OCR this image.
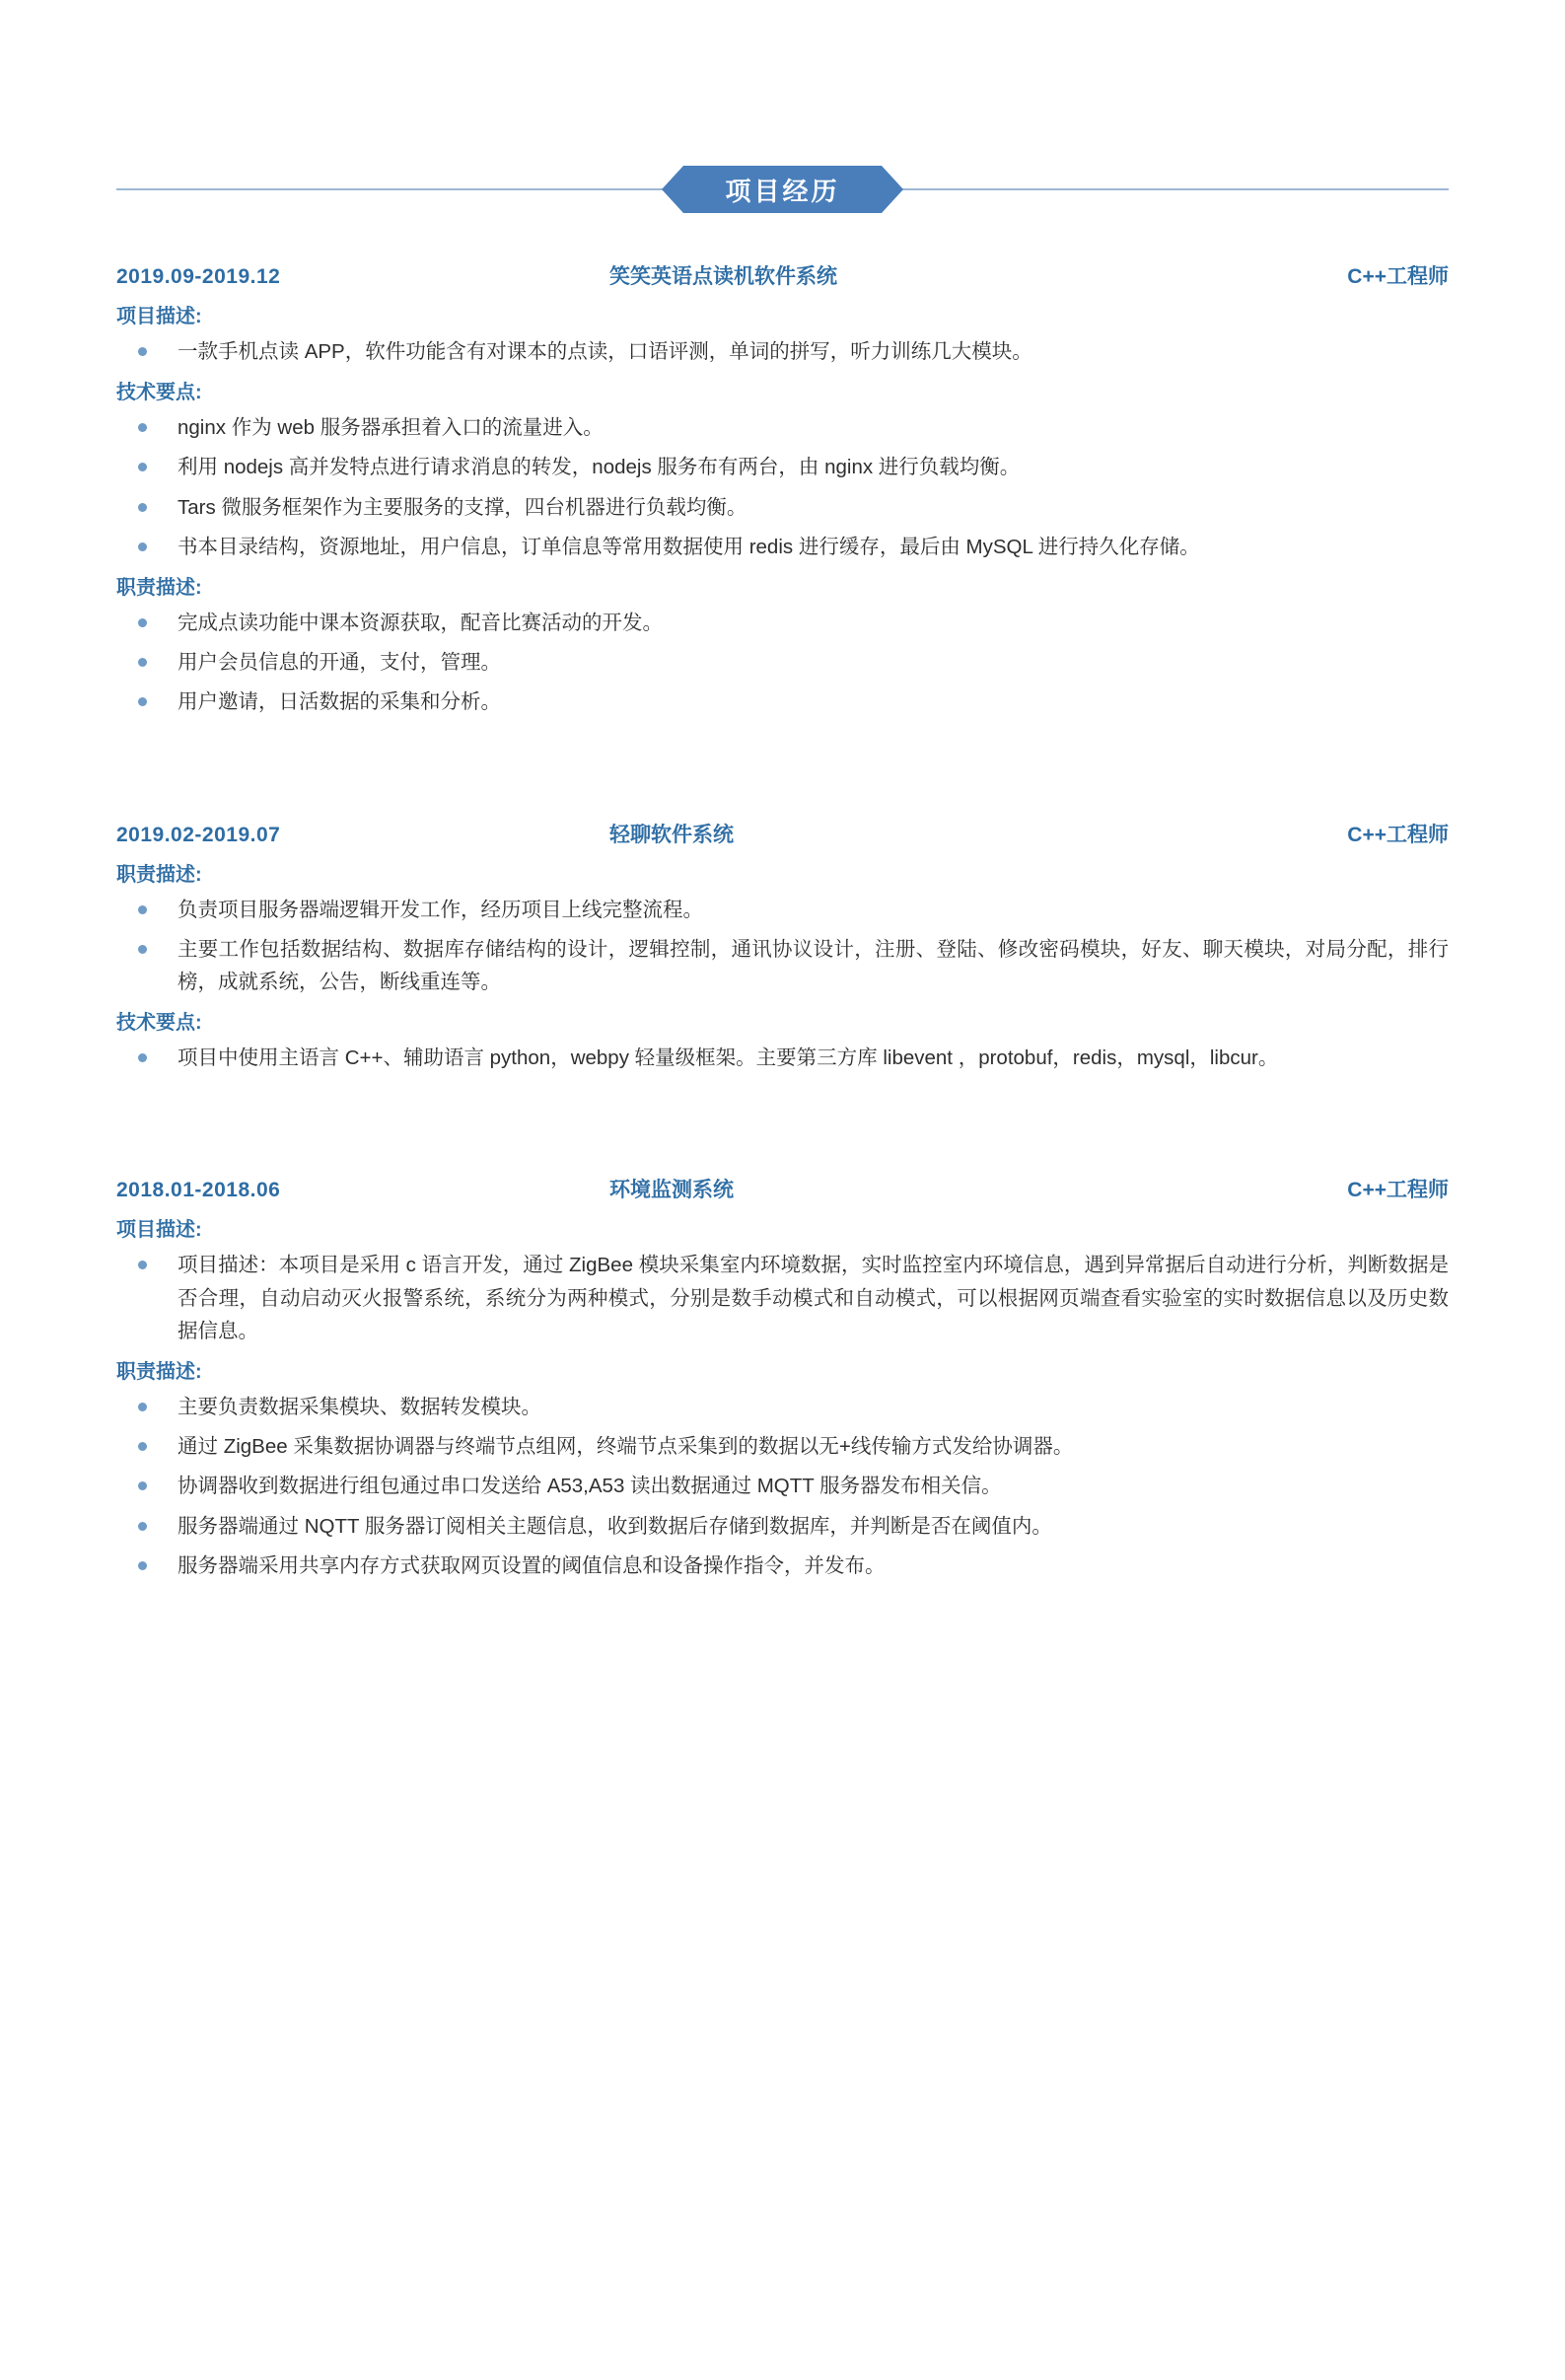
项目经历
2019.09-2019.12	笑笑英语点读机软件系统	C++工程师
项目描述:
一款手机点读 APP，软件功能含有对课本的点读，口语评测，单词的拼写，听力训练几大模块。
技术要点:
nginx 作为 web 服务器承担着入口的流量进入。
利用 nodejs 高并发特点进行请求消息的转发，nodejs 服务布有两台，由 nginx 进行负载均衡。
Tars 微服务框架作为主要服务的支撑，四台机器进行负载均衡。
书本目录结构，资源地址，用户信息，订单信息等常用数据使用 redis 进行缓存，最后由 MySQL 进行持久化存储。
职责描述:
完成点读功能中课本资源获取，配音比赛活动的开发。
用户会员信息的开通，支付，管理。
用户邀请，日活数据的采集和分析。
2019.02-2019.07	轻聊软件系统	C++工程师
职责描述:
负责项目服务器端逻辑开发工作，经历项目上线完整流程。
主要工作包括数据结构、数据库存储结构的设计，逻辑控制，通讯协议设计，注册、登陆、修改密码模块，好友、聊天模块，对局分配，排行榜，成就系统，公告，断线重连等。
技术要点:
项目中使用主语言 C++、辅助语言 python，webpy 轻量级框架。主要第三方库 libevent ，protobuf，redis，mysql，libcur。
2018.01-2018.06	环境监测系统	C++工程师
项目描述:
项目描述：本项目是采用 c 语言开发，通过 ZigBee 模块采集室内环境数据，实时监控室内环境信息，遇到异常据后自动进行分析，判断数据是否合理，自动启动灭火报警系统，系统分为两种模式，分别是数手动模式和自动模式，可以根据网页端查看实验室的实时数据信息以及历史数据信息。
职责描述:
主要负责数据采集模块、数据转发模块。
通过 ZigBee 采集数据协调器与终端节点组网，终端节点采集到的数据以无+线传输方式发给协调器。
协调器收到数据进行组包通过串口发送给 A53,A53 读出数据通过 MQTT 服务器发布相关信。
服务器端通过 NQTT 服务器订阅相关主题信息，收到数据后存储到数据库，并判断是否在阈值内。
服务器端采用共享内存方式获取网页设置的阈值信息和设备操作指令，并发布。
